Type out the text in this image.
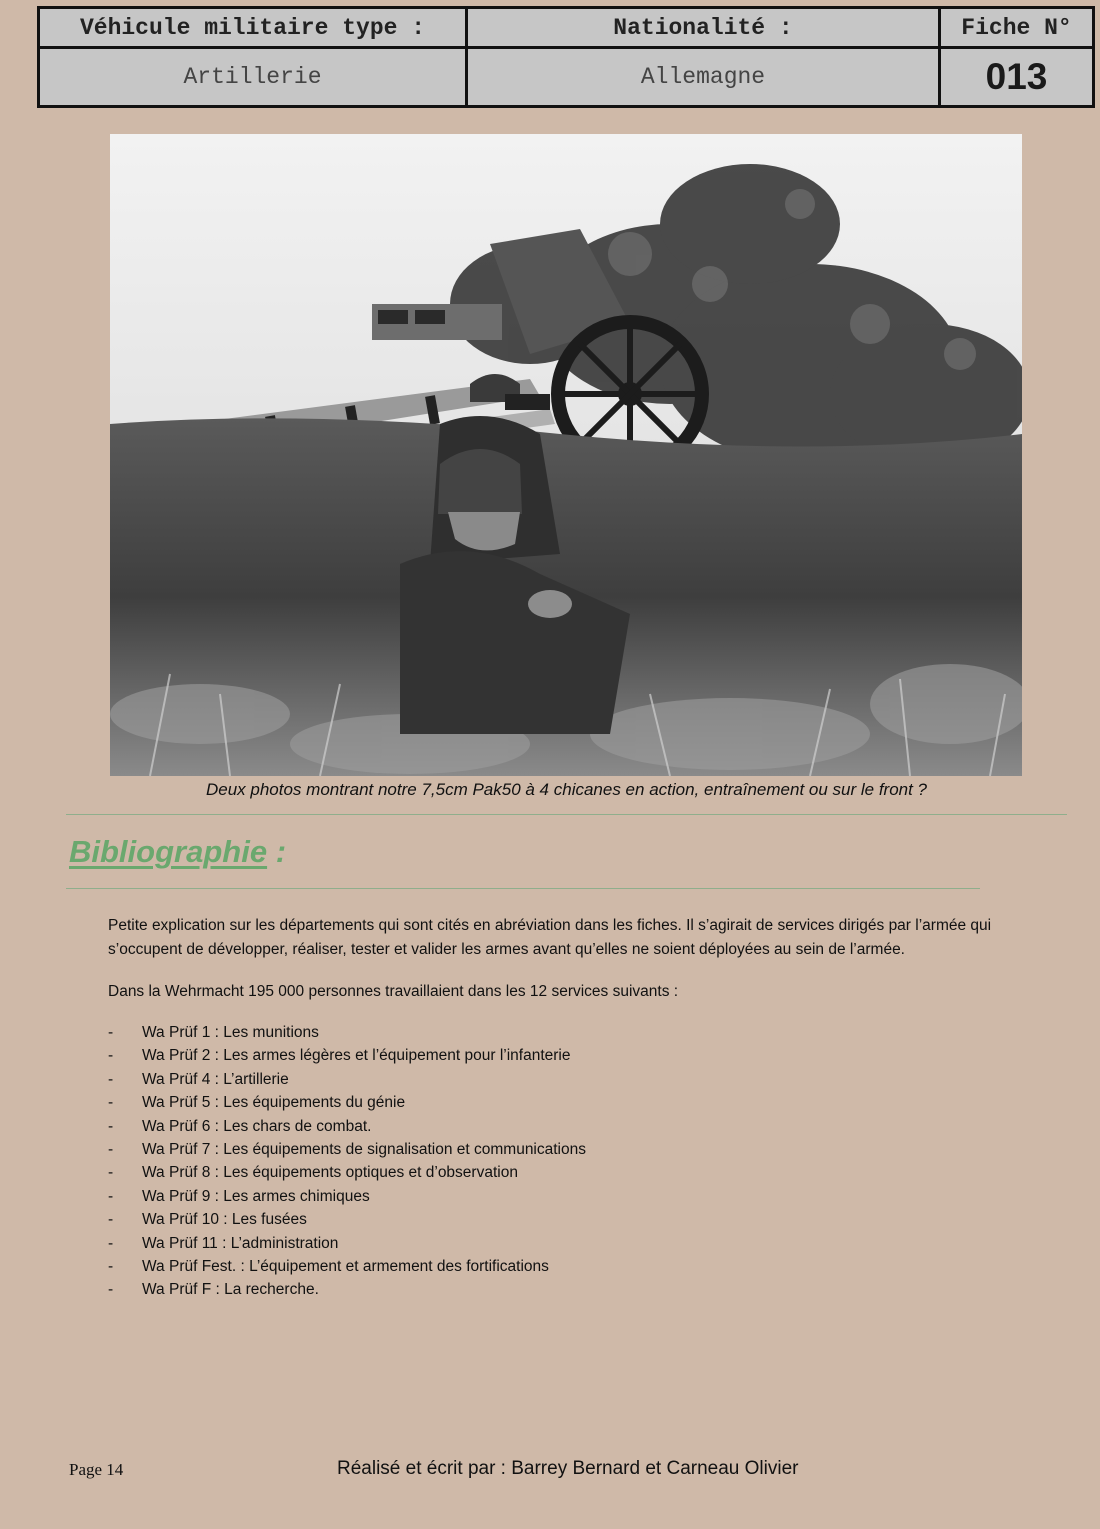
Véhicule militaire type :	Nationalité :	Fiche N°
Artillerie	Allemagne	013
Deux photos montrant notre 7,5cm Pak50 à 4 chicanes en action, entraînement ou sur le front ?
Bibliographie :
Petite explication sur les départements qui sont cités en abréviation dans les fiches. Il s’agirait de services dirigés par l’armée qui s’occupent de développer, réaliser, tester et valider les armes avant qu’elles ne soient déployées au sein de l’armée.
Dans la Wehrmacht 195 000 personnes travaillaient dans les 12 services suivants :
-	Wa Prüf 1 : Les munitions
-	Wa Prüf 2 : Les armes légères et l’équipement pour l’infanterie
-	Wa Prüf 4 : L’artillerie
-	Wa Prüf 5 : Les équipements du génie
-	Wa Prüf 6 : Les chars de combat.
-	Wa Prüf 7 : Les équipements de signalisation et communications
-	Wa Prüf 8 : Les équipements optiques et d’observation
-	Wa Prüf 9 : Les armes chimiques
-	Wa Prüf 10 : Les fusées
-	Wa Prüf 11 : L’administration
-	Wa Prüf Fest. : L’équipement et armement des fortifications
-	Wa Prüf F : La recherche.
Page 14	Réalisé et écrit par : Barrey Bernard et Carneau Olivier
